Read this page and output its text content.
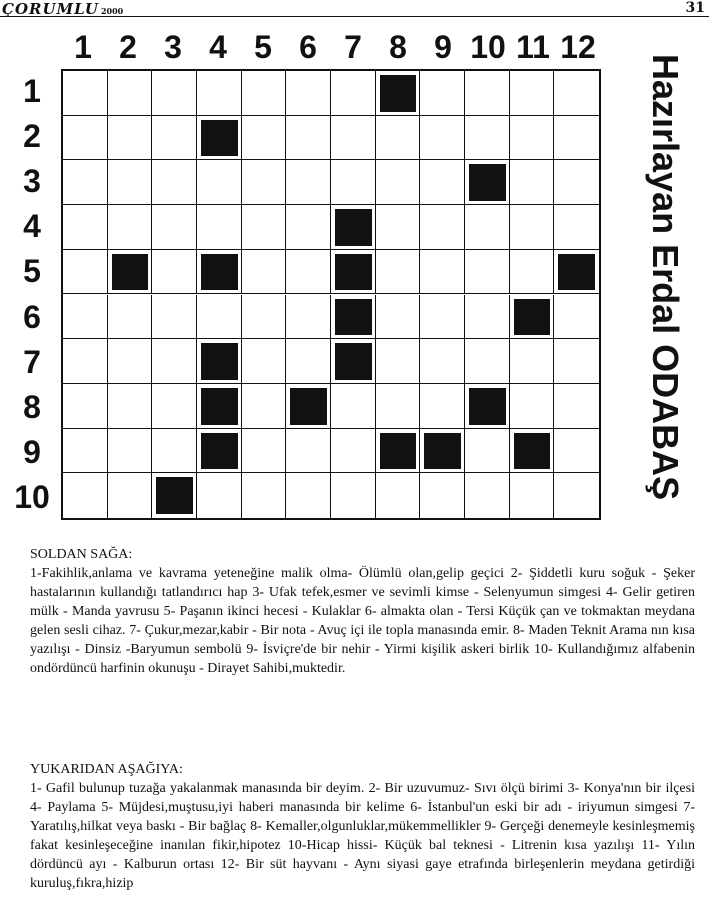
ÇORUMLU 2000	31
1 2 3 4 5 6 7 8 9 10 11 12
1
2
3
4
5
6
7
8
9
10	Hazırlayan Erdal ODABAŞ
SOLDAN SAĞA:

1-Fakihlik,anlama ve kavrama yeteneğine malik olma- Ölümlü olan,gelip geçici 2- Şiddetli kuru soğuk - Şeker hastalarının kullandığı tatlandırıcı hap 3- Ufak tefek,esmer ve sevimli kimse - Selenyumun simgesi 4- Gelir getiren mülk - Manda yavrusu 5- Paşanın ikinci hecesi - Kulaklar 6- almakta olan - Tersi Küçük çan ve tokmaktan meydana gelen sesli cihaz. 7- Çukur,mezar,kabir - Bir nota - Avuç içi ile topla manasında emir. 8- Maden Teknit Arama nın kısa yazılışı - Dinsiz -Baryumun sembolü 9- İsviçre'de bir nehir - Yirmi kişilik askeri birlik 10- Kullandığımız alfabenin ondördüncü harfinin okunuşu - Dirayet Sahibi,muktedir.

YUKARIDAN AŞAĞIYA:

1- Gafil bulunup tuzağa yakalanmak manasında bir deyim. 2- Bir uzuvumuz- Sıvı ölçü birimi 3- Konya'nın bir ilçesi 4- Paylama 5- Müjdesi,muştusu,iyi haberi manasında bir kelime 6- İstanbul'un eski bir adı - iriyumun simgesi 7- Yaratılış,hilkat veya baskı - Bir bağlaç 8- Kemaller,olgunluklar,mükemmellikler 9- Gerçeği denemeyle kesinleşmemiş fakat kesinleşeceğine inanılan fikir,hipotez 10-Hicap hissi- Küçük bal teknesi - Litrenin kısa yazılışı 11- Yılın dördüncü ayı - Kalburun ortası 12- Bir süt hayvanı - Aynı siyasi gaye etrafında birleşenlerin meydana getirdiği kuruluş,fıkra,hizip
